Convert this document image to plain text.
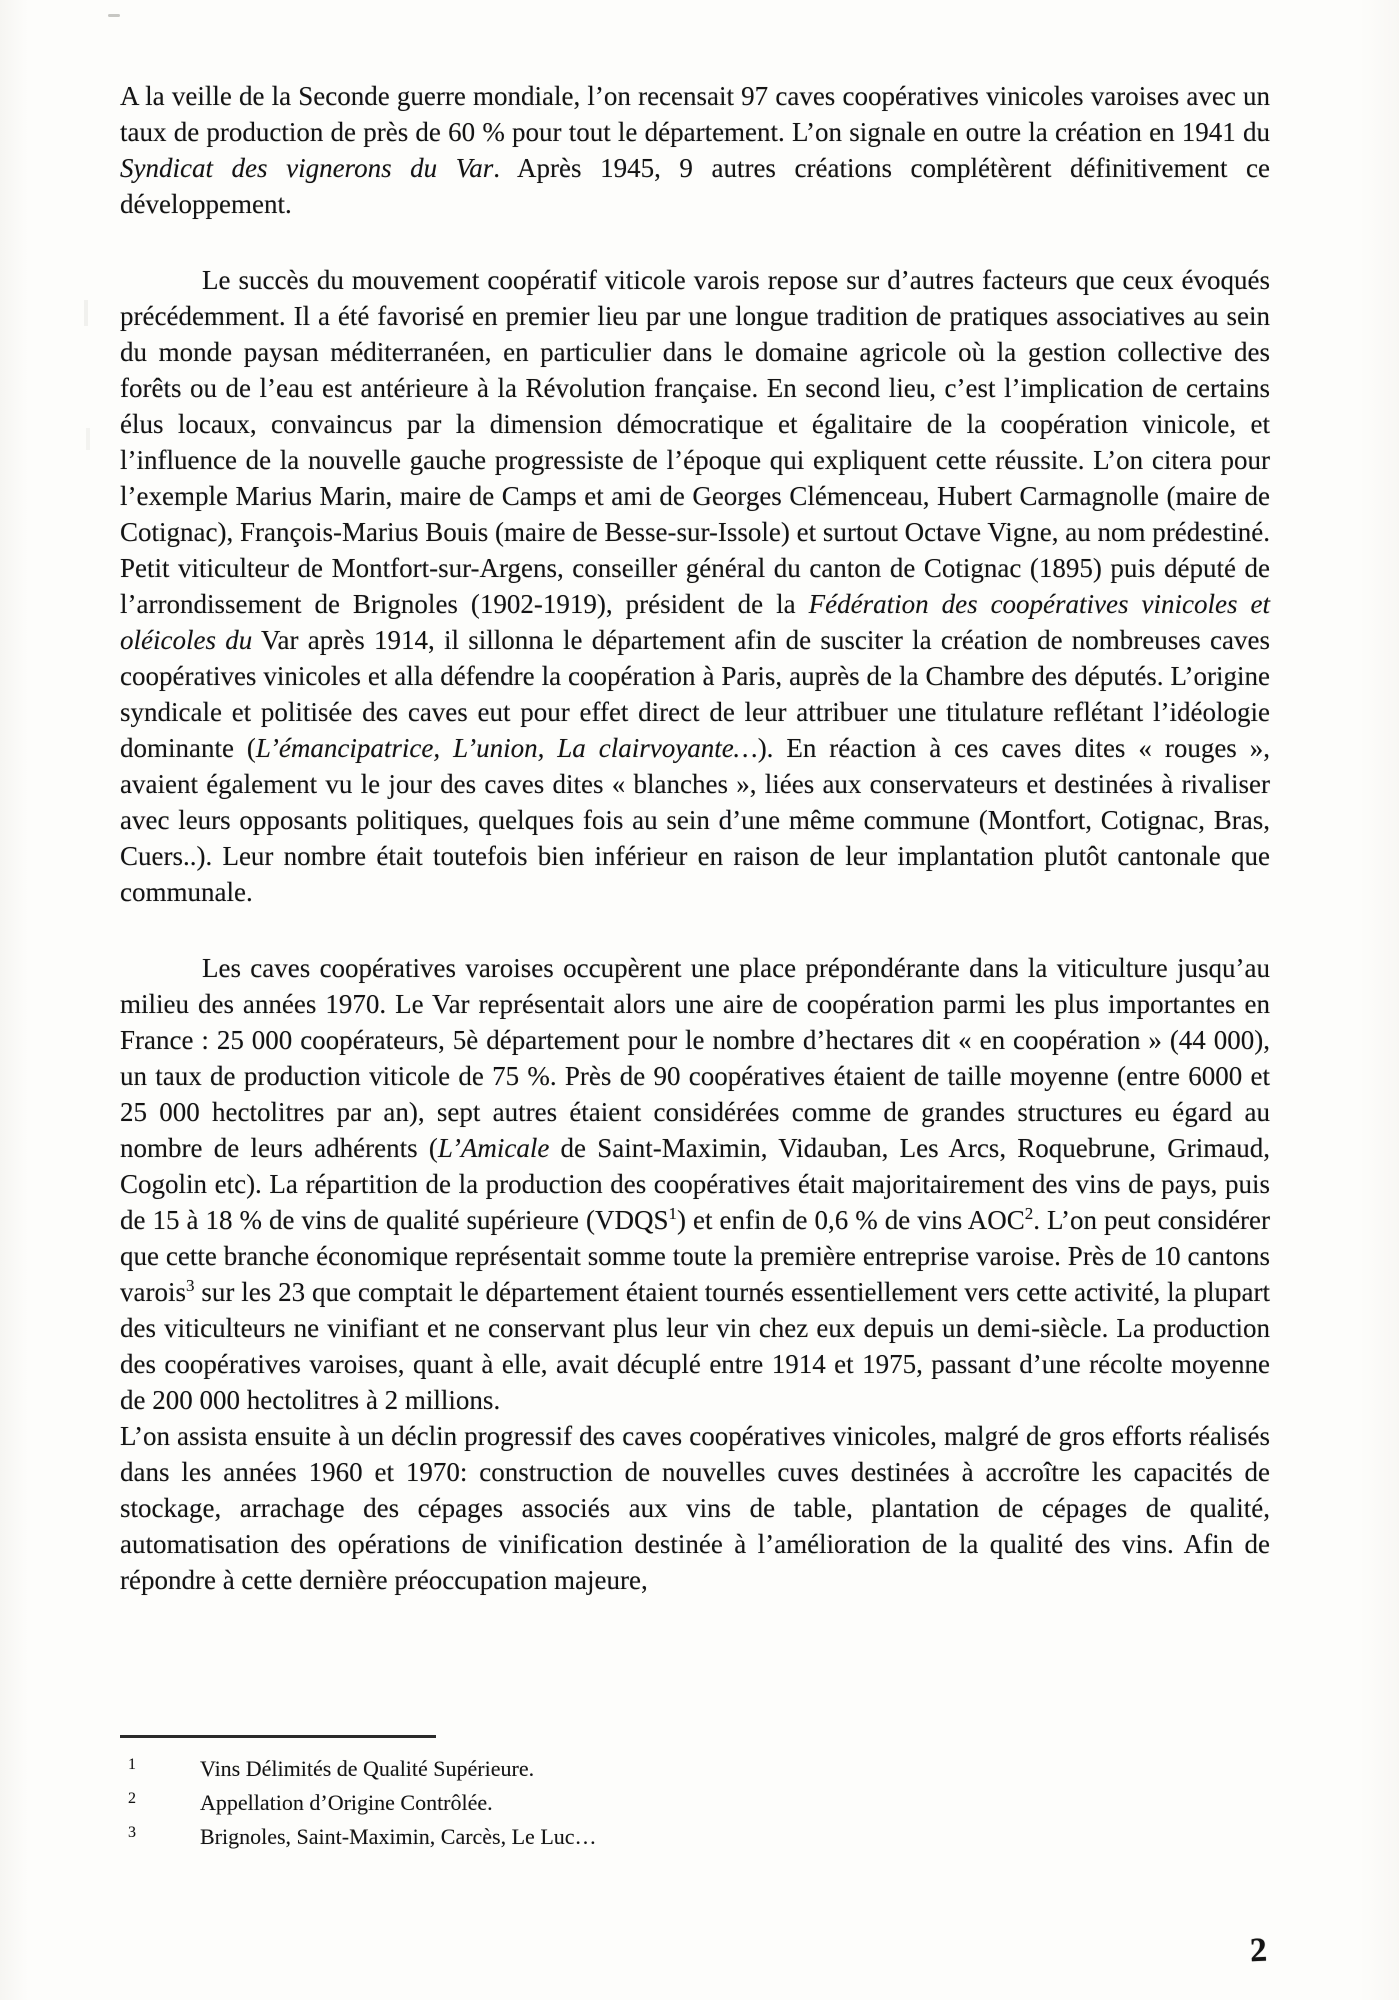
A la veille de la Seconde guerre mondiale, l’on recensait 97 caves coopératives vinicoles varoises avec un taux de production de près de 60 % pour tout le département. L’on signale en outre la création en 1941 du Syndicat des vignerons du Var. Après 1945, 9 autres créations complétèrent définitivement ce développement.

Le succès du mouvement coopératif viticole varois repose sur d’autres facteurs que ceux évoqués précédemment. Il a été favorisé en premier lieu par une longue tradition de pratiques associatives au sein du monde paysan méditerranéen, en particulier dans le domaine agricole où la gestion collective des forêts ou de l’eau est antérieure à la Révolution française. En second lieu, c’est l’implication de certains élus locaux, convaincus par la dimension démocratique et égalitaire de la coopération vinicole, et l’influence de la nouvelle gauche progressiste de l’époque qui expliquent cette réussite. L’on citera pour l’exemple Marius Marin, maire de Camps et ami de Georges Clémenceau, Hubert Carmagnolle (maire de Cotignac), François-Marius Bouis (maire de Besse-sur-Issole) et surtout Octave Vigne, au nom prédestiné. Petit viticulteur de Montfort-sur-Argens, conseiller général du canton de Cotignac (1895) puis député de l’arrondissement de Brignoles (1902-1919), président de la Fédération des coopératives vinicoles et oléicoles du Var après 1914, il sillonna le département afin de susciter la création de nombreuses caves coopératives vinicoles et alla défendre la coopération à Paris, auprès de la Chambre des députés. L’origine syndicale et politisée des caves eut pour effet direct de leur attribuer une titulature reflétant l’idéologie dominante (L’émancipatrice, L’union, La clairvoyante…). En réaction à ces caves dites « rouges », avaient également vu le jour des caves dites « blanches », liées aux conservateurs et destinées à rivaliser avec leurs opposants politiques, quelques fois au sein d’une même commune (Montfort, Cotignac, Bras, Cuers..). Leur nombre était toutefois bien inférieur en raison de leur implantation plutôt cantonale que communale.

Les caves coopératives varoises occupèrent une place prépondérante dans la viticulture jusqu’au milieu des années 1970. Le Var représentait alors une aire de coopération parmi les plus importantes en France : 25 000 coopérateurs, 5è département pour le nombre d’hectares dit « en coopération » (44 000), un taux de production viticole de 75 %. Près de 90 coopératives étaient de taille moyenne (entre 6000 et 25 000 hectolitres par an), sept autres étaient considérées comme de grandes structures eu égard au nombre de leurs adhérents (L’Amicale de Saint-Maximin, Vidauban, Les Arcs, Roquebrune, Grimaud, Cogolin etc). La répartition de la production des coopératives était majoritairement des vins de pays, puis de 15 à 18 % de vins de qualité supérieure (VDQS$^1$) et enfin de 0,6 % de vins AOC$^2$. L’on peut considérer que cette branche économique représentait somme toute la première entreprise varoise. Près de 10 cantons varois$^3$ sur les 23 que comptait le département étaient tournés essentiellement vers cette activité, la plupart des viticulteurs ne vinifiant et ne conservant plus leur vin chez eux depuis un demi-siècle. La production des coopératives varoises, quant à elle, avait décuplé entre 1914 et 1975, passant d’une récolte moyenne de 200 000 hectolitres à 2 millions.

L’on assista ensuite à un déclin progressif des caves coopératives vinicoles, malgré de gros efforts réalisés dans les années 1960 et 1970: construction de nouvelles cuves destinées à accroître les capacités de stockage, arrachage des cépages associés aux vins de table, plantation de cépages de qualité, automatisation des opérations de vinification destinée à l’amélioration de la qualité des vins. Afin de répondre à cette dernière préoccupation majeure,

1	Vins Délimités de Qualité Supérieure.
2	Appellation d’Origine Contrôlée.
3	Brignoles, Saint-Maximin, Carcès, Le Luc…
2
